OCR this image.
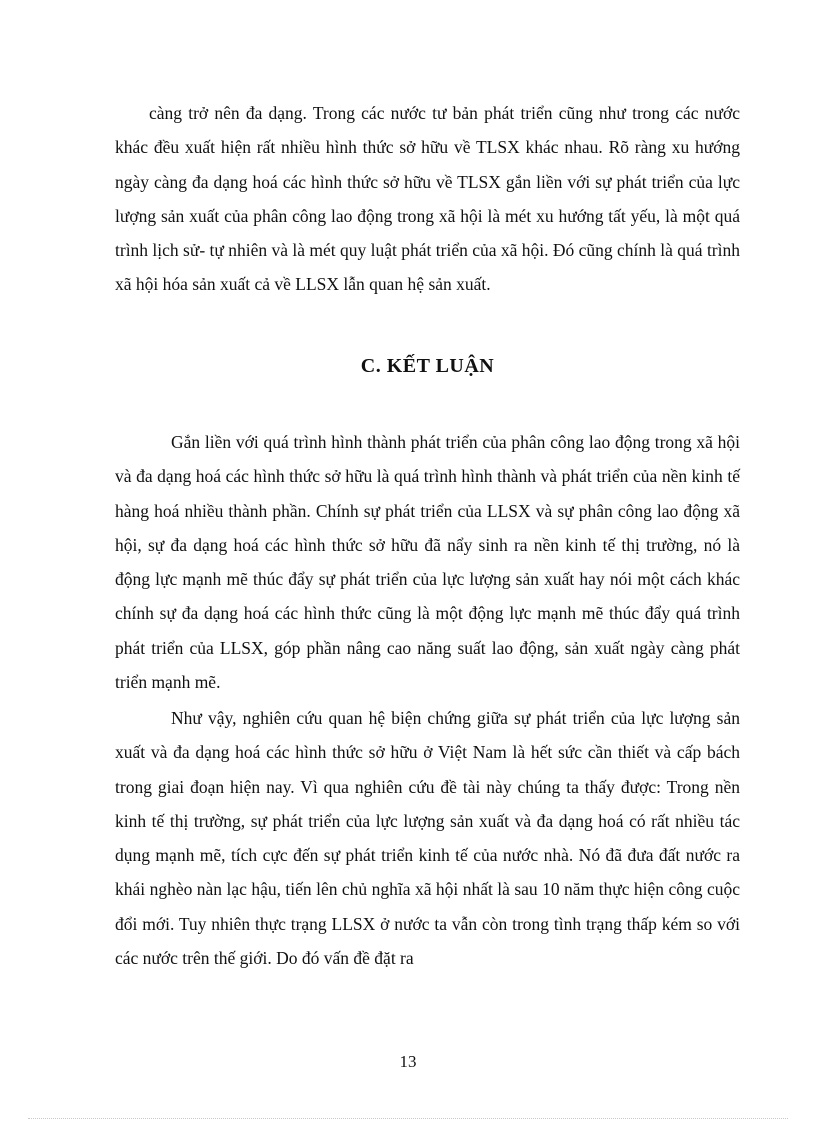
càng trở nên đa dạng. Trong các nước tư bản phát triển cũng như trong các nước khác đều xuất hiện rất nhiều hình thức sở hữu về TLSX khác nhau. Rõ ràng xu hướng ngày càng đa dạng hoá các hình thức sở hữu về TLSX gắn liền với sự phát triển của lực lượng sản xuất của phân công lao động trong xã hội là mét xu hướng tất yếu, là một quá trình lịch sử- tự nhiên và là mét quy luật phát triển của xã hội. Đó cũng chính là quá trình xã hội hóa sản xuất cả về LLSX lẫn quan hệ sản xuất.

C. KẾT LUẬN

Gắn liền với quá trình hình thành phát triển của phân công lao động trong xã hội và đa dạng hoá các hình thức sở hữu là quá trình hình thành và phát triển của nền kinh tế hàng hoá nhiều thành phần. Chính sự phát triển của LLSX và sự phân công lao động xã hội, sự đa dạng hoá các hình thức sở hữu đã nẩy sinh ra nền kinh tế thị trường, nó là động lực mạnh mẽ thúc đẩy sự phát triển của lực lượng sản xuất hay nói một cách khác chính sự đa dạng hoá các hình thức cũng là một động lực mạnh mẽ thúc đẩy quá trình phát triển của LLSX, góp phần nâng cao năng suất lao động, sản xuất ngày càng phát triển mạnh mẽ.

Như vậy, nghiên cứu quan hệ biện chứng giữa sự phát triển của lực lượng sản xuất và đa dạng hoá các hình thức sở hữu ở Việt Nam là hết sức cần thiết và cấp bách trong giai đoạn hiện nay. Vì qua nghiên cứu đề tài này chúng ta thấy được: Trong nền kinh tế thị trường, sự phát triển của lực lượng sản xuất và đa dạng hoá có rất nhiều tác dụng mạnh mẽ, tích cực đến sự phát triển kinh tế của nước nhà. Nó đã đưa đất nước ra khái nghèo nàn lạc hậu, tiến lên chủ nghĩa xã hội nhất là sau 10 năm thực hiện công cuộc đổi mới. Tuy nhiên thực trạng LLSX ở nước ta vẫn còn trong tình trạng thấp kém so với các nước trên thế giới. Do đó vấn đề đặt ra

13
